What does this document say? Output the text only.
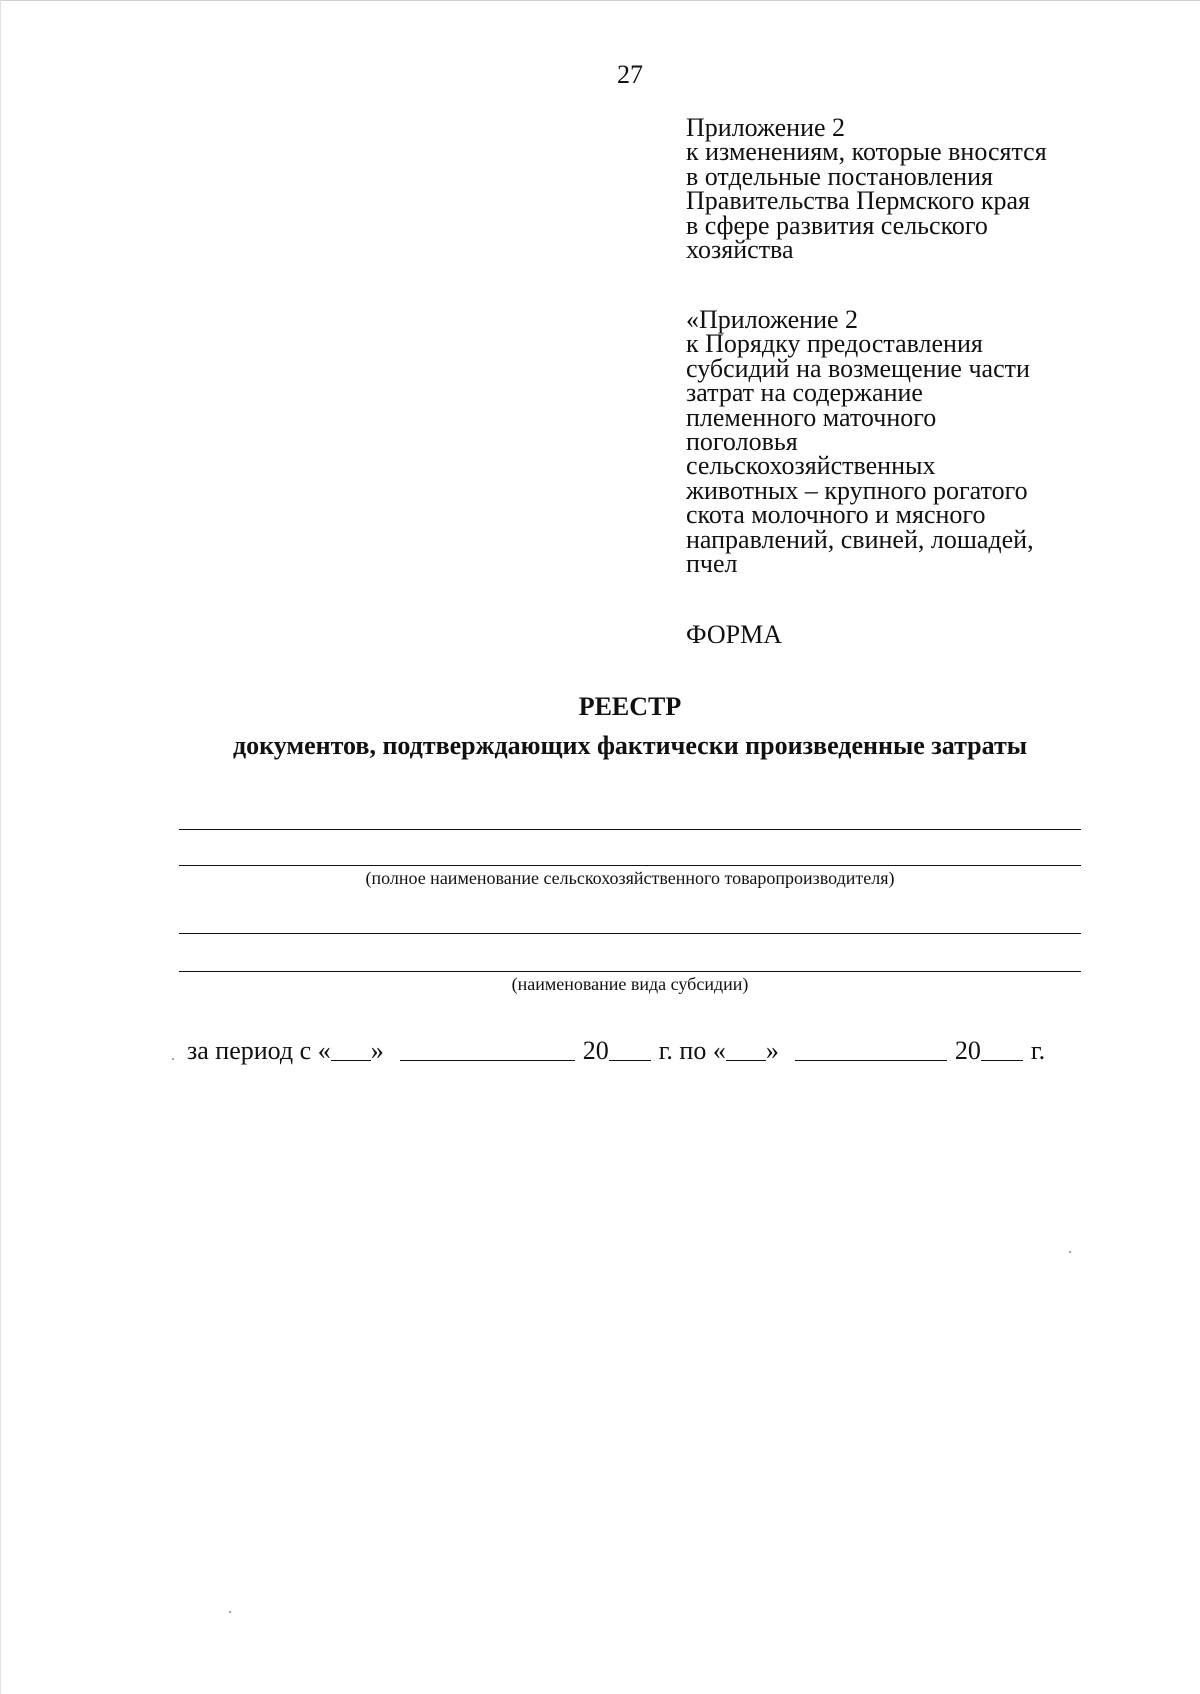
27
Приложение 2
к изменениям, которые вносятся
в отдельные постановления
Правительства Пермского края
в сфере развития сельского
хозяйства
«Приложение 2
к Порядку предоставления
субсидий на возмещение части
затрат на содержание
племенного маточного
поголовья
сельскохозяйственных
животных – крупного рогатого
скота молочного и мясного
направлений, свиней, лошадей,
пчел
ФОРМА
РЕЕСТР
документов, подтверждающих фактически произведенные затраты
(полное наименование сельскохозяйственного товаропроизводителя)
(наименование вида субсидии)
за период с « »	20 г. по « »	20 г.
